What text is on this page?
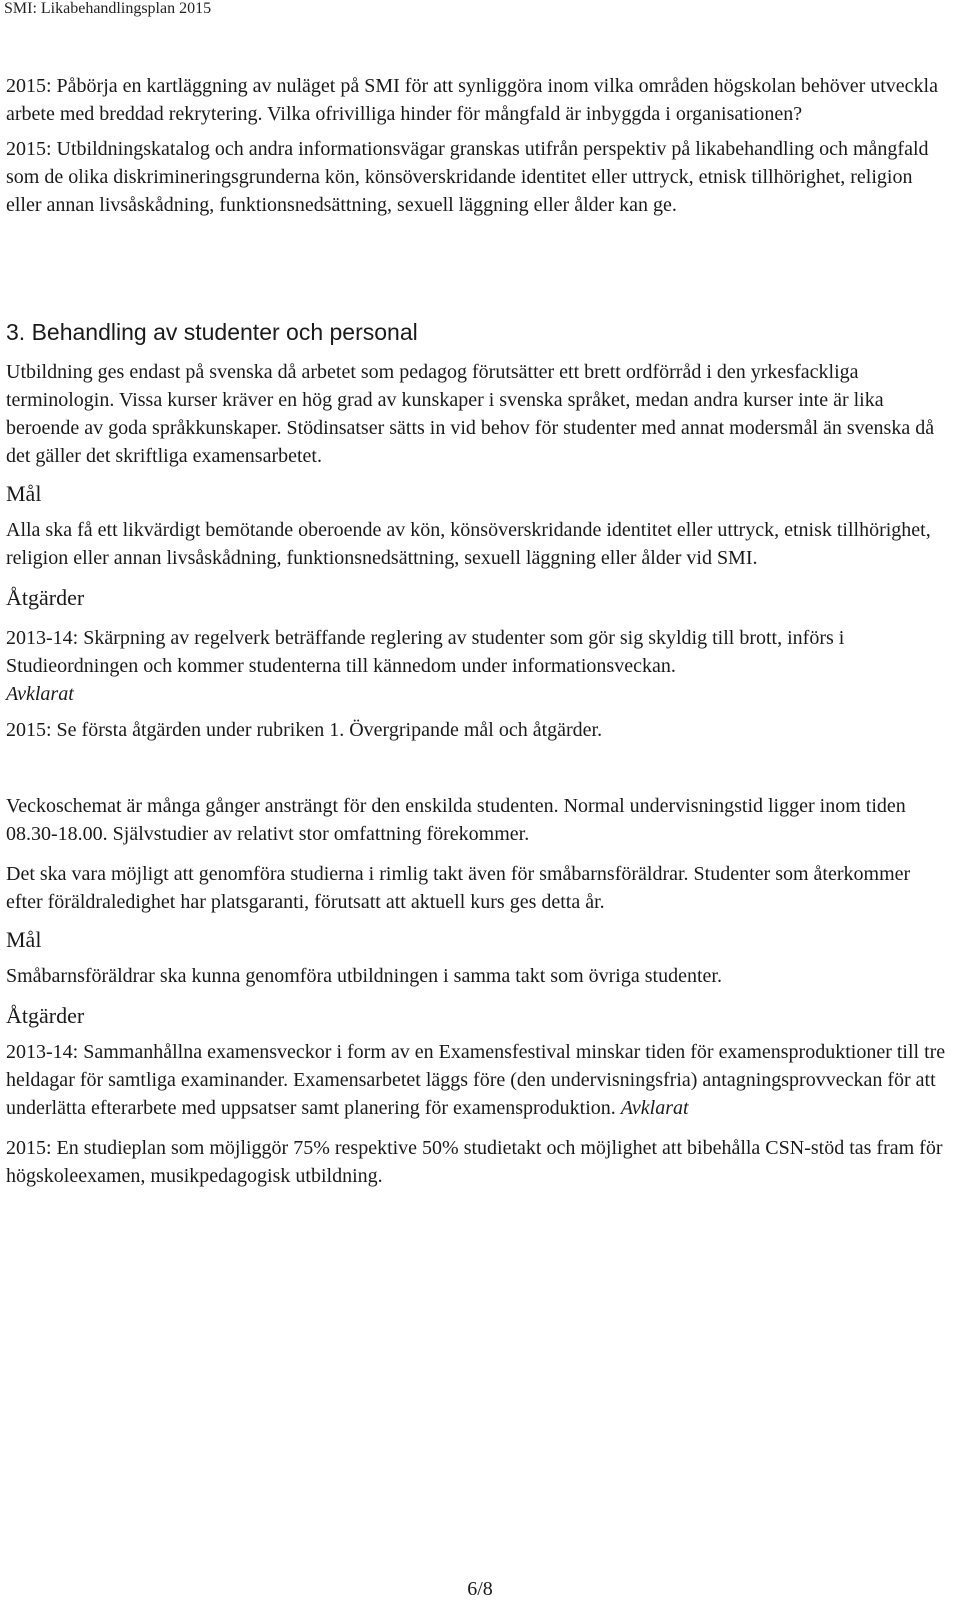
SMI: Likabehandlingsplan 2015

2015: Påbörja en kartläggning av nuläget på SMI för att synliggöra inom vilka områden högskolan behöver utveckla arbete med breddad rekrytering. Vilka ofrivilliga hinder för mångfald är inbyggda i organisationen?

2015: Utbildningskatalog och andra informationsvägar granskas utifrån perspektiv på likabehandling och mångfald som de olika diskrimineringsgrunderna kön, könsöverskridande identitet eller uttryck, etnisk tillhörighet, religion eller annan livsåskådning, funktionsnedsättning, sexuell läggning eller ålder kan ge.

3. Behandling av studenter och personal

Utbildning ges endast på svenska då arbetet som pedagog förutsätter ett brett ordförråd i den yrkesfackliga terminologin. Vissa kurser kräver en hög grad av kunskaper i svenska språket, medan andra kurser inte är lika beroende av goda språkkunskaper. Stödinsatser sätts in vid behov för studenter med annat modersmål än svenska då det gäller det skriftliga examensarbetet.

Mål

Alla ska få ett likvärdigt bemötande oberoende av kön, könsöverskridande identitet eller uttryck, etnisk tillhörighet, religion eller annan livsåskådning, funktionsnedsättning, sexuell läggning eller ålder vid SMI.

Åtgärder

2013-14: Skärpning av regelverk beträffande reglering av studenter som gör sig skyldig till brott, införs i Studieordningen och kommer studenterna till kännedom under informationsveckan.
Avklarat

2015: Se första åtgärden under rubriken 1. Övergripande mål och åtgärder.

Veckoschemat är många gånger ansträngt för den enskilda studenten. Normal undervisningstid ligger inom tiden 08.30-18.00. Självstudier av relativt stor omfattning förekommer.

Det ska vara möjligt att genomföra studierna i rimlig takt även för småbarnsföräldrar. Studenter som återkommer efter föräldraledighet har platsgaranti, förutsatt att aktuell kurs ges detta år.

Mål

Småbarnsföräldrar ska kunna genomföra utbildningen i samma takt som övriga studenter.

Åtgärder

2013-14: Sammanhållna examensveckor i form av en Examensfestival minskar tiden för examensproduktioner till tre heldagar för samtliga examinander. Examensarbetet läggs före (den undervisningsfria) antagningsprovveckan för att underlätta efterarbete med uppsatser samt planering för examensproduktion. Avklarat

2015: En studieplan som möjliggör 75% respektive 50% studietakt och möjlighet att bibehålla CSN-stöd tas fram för högskoleexamen, musikpedagogisk utbildning.

6/8
